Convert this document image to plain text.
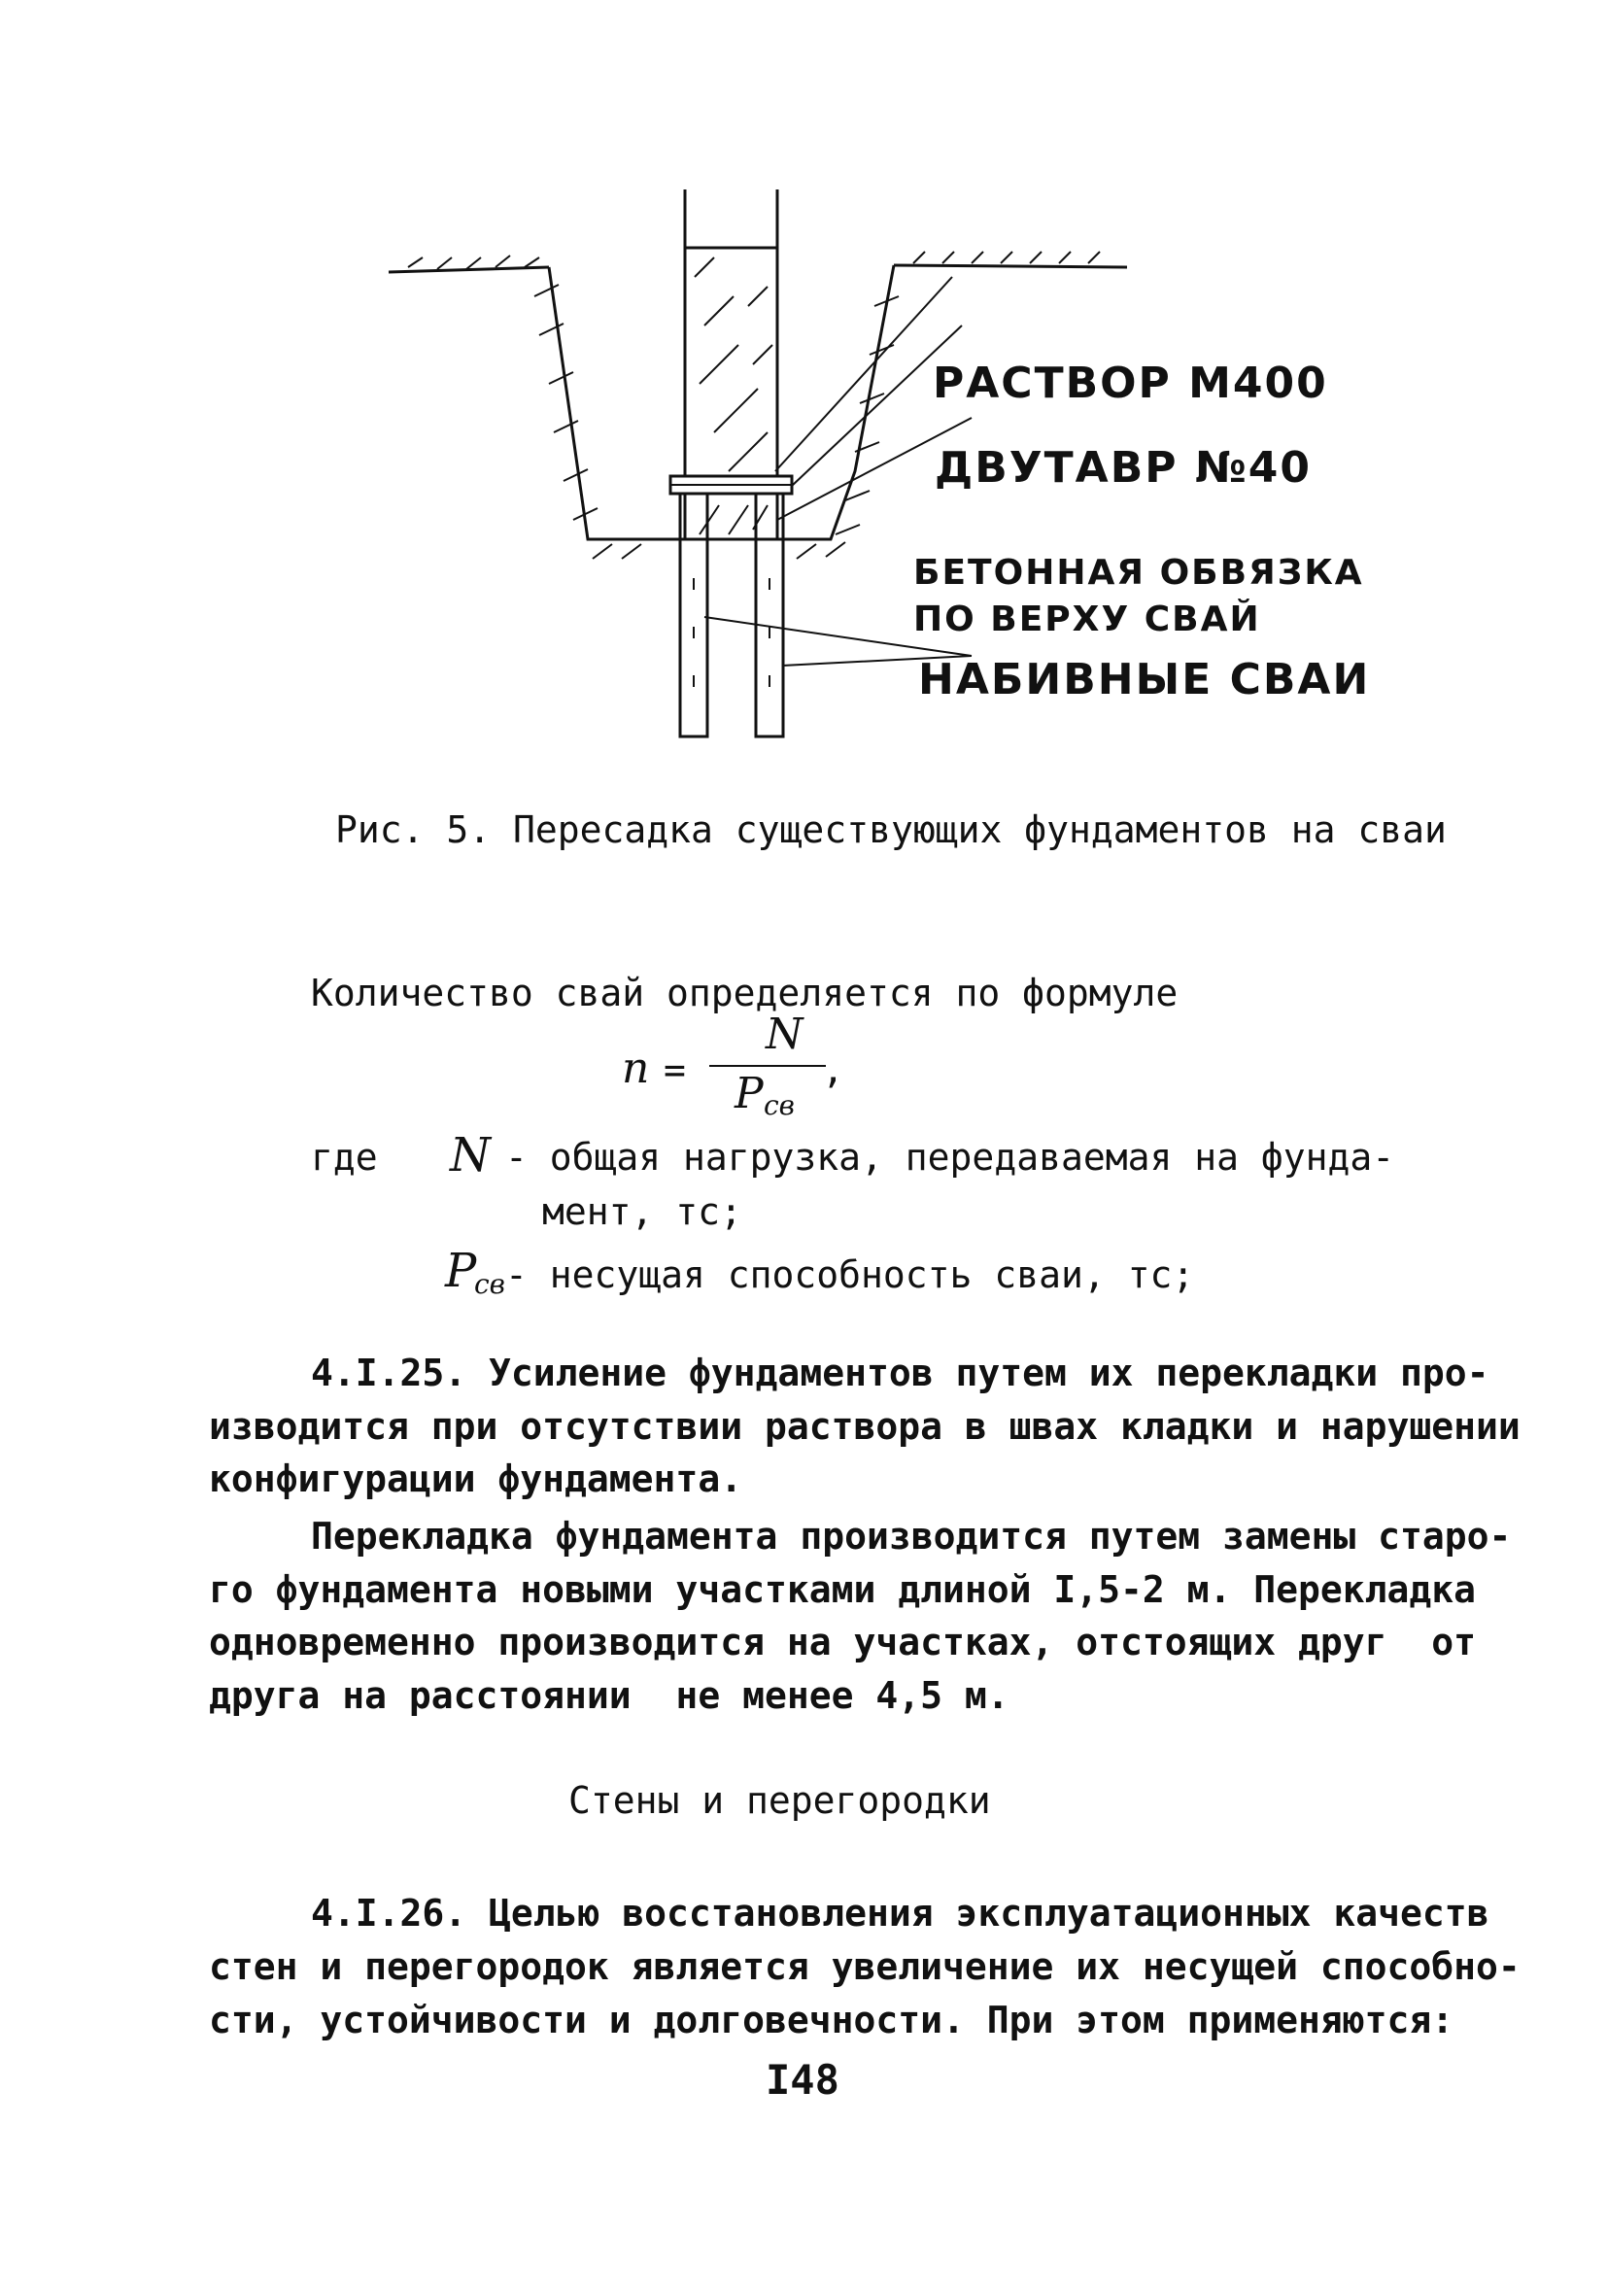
РАСТВОР М400
ДВУТАВР №40
БЕТОННАЯ ОБВЯЗКА
ПО ВЕРХУ СВАЙ
НАБИВНЫЕ СВАИ
Рис. 5. Пересадка существующих фундаментов на сваи
Количество свай определяется по формуле
n =
N
P св
,
где N - общая нагрузка, передаваемая на фунда-
мент, тс;
P
св - несущая способность сваи, тс;
4.I.25. Усиление фундаментов путем их перекладки про-
изводится при отсутствии раствора в швах кладки и нарушении
конфигурации фундамента.
Перекладка фундамента производится путем замены старо-
го фундамента новыми участками длиной I,5-2 м. Перекладка
одновременно производится на участках, отстоящих друг  от
друга на расстоянии  не менее 4,5 м.
Стены и перегородки
4.I.26. Целью восстановления эксплуатационных качеств
стен и перегородок является увеличение их несущей способно-
сти, устойчивости и долговечности. При этом применяются:
I48
